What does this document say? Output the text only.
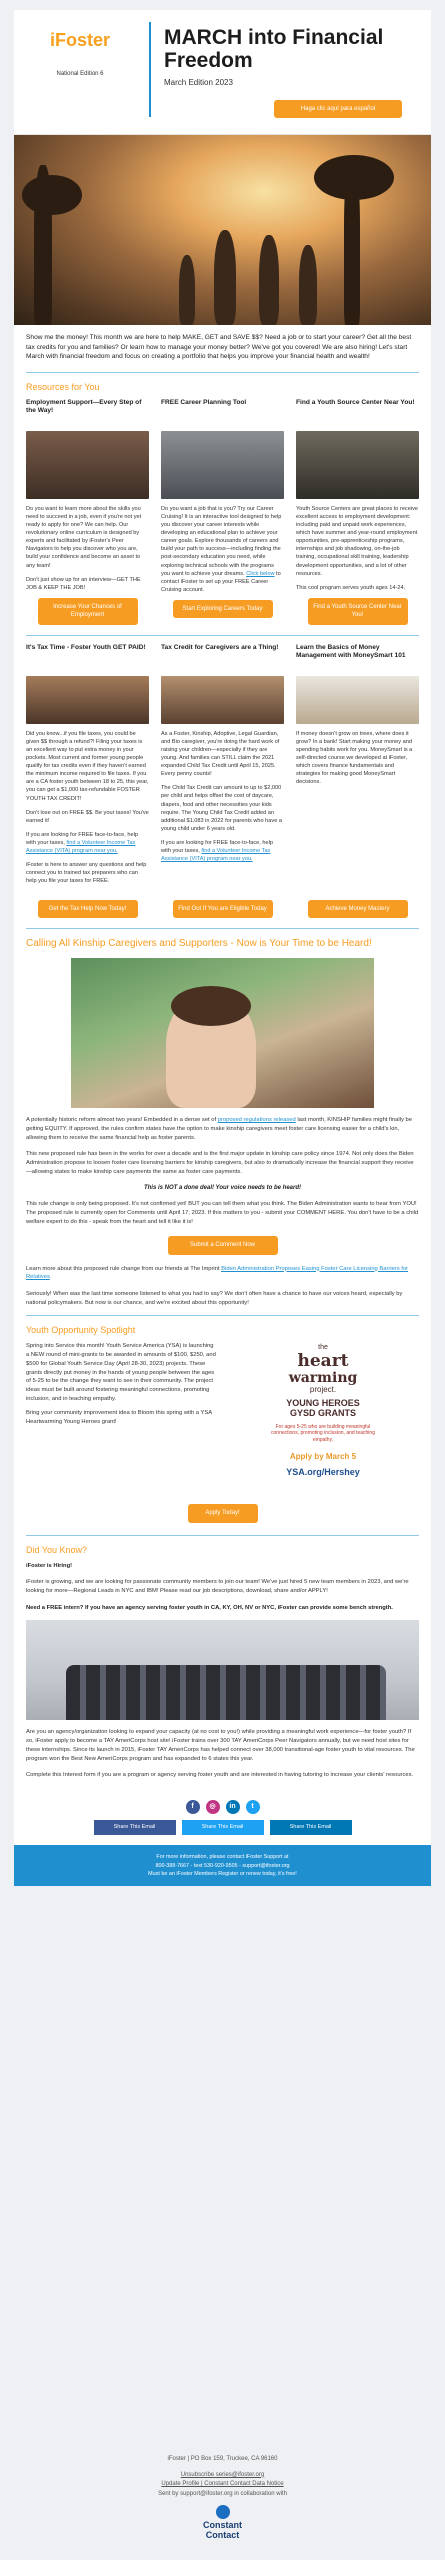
iFoster
National Edition 6
MARCH into Financial Freedom
March Edition 2023
Haga clic aquí para español
Show me the money! This month we are here to help MAKE, GET and SAVE $$? Need a job or to start your career? Get all the best tax credits for you and families? Or learn how to manage your money better? We've got you covered! We are also hiring! Let's start March with financial freedom and focus on creating a portfolio that helps you improve your financial health and wealth!
Resources for You
Employment Support—Every Step of the Way!

Do you want to learn more about the skills you need to succeed in a job, even if you're not yet ready to apply for one? We can help. Our revolutionary online curriculum is designed by experts and facilitated by iFoster's Peer Navigators to help you discover who you are, build your confidence and become an asset to any team!

Don't just show up for an interview—GET THE JOB & KEEP THE JOB!

Increase Your Chances of Employment
FREE Career Planning Tool

Do you want a job that is you? Try our Career Cruising! It is an interactive tool designed to help you discover your career interests while developing an educational plan to achieve your career goals. Explore thousands of careers and build your path to success—including finding the post-secondary education you need, while exploring technical schools with the programs you want to achieve your dreams. Click below to contact iFoster to set up your FREE Career Cruising account.

Start Exploring Careers Today
Find a Youth Source Center Near You!

Youth Source Centers are great places to receive excellent access to employment development: including paid and unpaid work experiences, which have summer and year-round employment opportunities, pre-apprenticeship programs, internships and job shadowing, on-the-job training, occupational skill training, leadership development opportunities, and a lot of other resources.

This cool program serves youth ages 14-24.

Find a Youth Source Center Near You!
It's Tax Time - Foster Youth GET PAID!

Did you know...if you file taxes, you could be given $$ through a refund?! Filing your taxes is an excellent way to put extra money in your pockets. Most current and former young people qualify for tax credits even if they haven't earned the minimum income required to file taxes. If you are a CA foster youth between 18 to 25, this year, you can get a $1,000 tax-refundable FOSTER YOUTH TAX CREDIT!

Don't lose out on FREE $$. Be your taxes! You've earned it!

If you are looking for FREE face-to-face, help with your taxes, find a Volunteer Income Tax Assistance (VITA) program near you.

iFoster is here to answer any questions and help connect you to trained tax preparers who can help you file your taxes for FREE.

Tax Credit for Caregivers are a Thing!

As a Foster, Kinship, Adoptive, Legal Guardian, and Bio caregiver, you're doing the hard work of raising your children—especially if they are young. And families can STILL claim the 2021 expanded Child Tax Credit until April 15, 2025. Every penny counts!

The Child Tax Credit can amount to up to $2,000 per child and helps offset the cost of daycare, diapers, food and other necessities your kids require. The Young Child Tax Credit added an additional $1,083 in 2022 for parents who have a young child under 6 years old.

If you are looking for FREE face-to-face, help with your taxes, find a Volunteer Income Tax Assistance (VITA) program near you.

Learn the Basics of Money Management with MoneySmart 101

If money doesn't grow on trees, where does it grow? In a bank! Start making your money and spending habits work for you. MoneySmart is a self-directed course we developed at iFoster, which covers finance fundamentals and strategies for making good MoneySmart decisions.

Get the Tax Help Now Today!	Find Out If You are Eligible Today	Achieve Money Mastery
Calling All Kinship Caregivers and Supporters - Now is Your Time to be Heard!
A potentially historic reform almost two years! Embedded in a dense set of proposed regulations released last month, KINSHIP families might finally be getting EQUITY. If approved, the rules confirm states have the option to make kinship caregivers meet foster care licensing easier for a child's kin, allowing them to receive the same financial help as foster parents.
This new proposed rule has been in the works for over a decade and is the first major update in kinship care policy since 1974. Not only does the Biden Administration propose to loosen foster care licensing barriers for kinship caregivers, but also to dramatically increase the financial support they receive—allowing states to make kinship care payments the same as foster care payments.
This is NOT a done deal! Your voice needs to be heard!
This rule change is only being proposed. It's not confirmed yet! BUT you can tell them what you think. The Biden Administration wants to hear from YOU! The proposed rule is currently open for Comments until April 17, 2023. If this matters to you - submit your COMMENT HERE. You don't have to be a child welfare expert to do this - speak from the heart and tell it like it is!
Submit a Comment Now
Learn more about this proposed rule change from our friends at The Imprint Biden Administration Proposes Easing Foster Care Licensing Barriers for Relatives
Seriously! When was the last time someone listened to what you had to say? We don't often have a chance to have our voices heard, especially by national policymakers. But now is our chance, and we're excited about this opportunity!
Youth Opportunity Spotlight

Spring into Service this month! Youth Service America (YSA) is launching a NEW round of mini-grants to be awarded in amounts of $100, $250, and $500 for Global Youth Service Day (April 28-30, 2023) projects. These grants directly put money in the hands of young people between the ages of 5-25 to be the change they want to see in their community. The project ideas must be built around fostering meaningful connections, promoting inclusion, and in teaching empathy.

Bring your community improvement idea to Bloom this spring with a YSA Heartwarming Young Heroes grant!

the
heart
warming
project.
YOUNG HEROES
GYSD GRANTS
For ages 5-25 who are building meaningful connections, promoting inclusion, and teaching empathy.
Apply by March 5
YSA.org/Hershey
Apply Today!
Did You Know?
iFoster is Hiring!
iFoster is growing, and we are looking for passionate community members to join our team! We've just hired 5 new team members in 2023, and we're looking for more—Regional Leads in NYC and IBM! Please read our job descriptions, download, share and/or APPLY!
Need a FREE intern? If you have an agency serving foster youth in CA, KY, OH, NV or NYC, iFoster can provide some bench strength.
Are you an agency/organization looking to expand your capacity (at no cost to you!) while providing a meaningful work experience—for foster youth? If so, iFoster apply to become a TAY AmeriCorps host site! iFoster trains over 300 TAY AmeriCorps Peer Navigators annually, but we need host sites for these internships. Since its launch in 2015, iFoster TAY AmeriCorps has helped connect over 38,000 transitional-age foster youth to vital resources. The program won the Best New AmeriCorps program and has expanded to 6 states this year.
Complete this Interest form if you are a program or agency serving foster youth and are interested in having tutoring to increase your clients' resources.
f	◎	in	t
Share This Email	Share This Email	Share This Email
For more information, please contact iFoster Support at
800-388-7667 - text 530-920-9505 - support@ifoster.org
Must be an iFoster Members Register or renew today, it's free!
iFoster | PO Box 159, Truckee, CA 96160
Unsubscribe series@ifoster.org
Update Profile | Constant Contact Data Notice
Sent by support@ifoster.org in collaboration with
Constant
Contact
